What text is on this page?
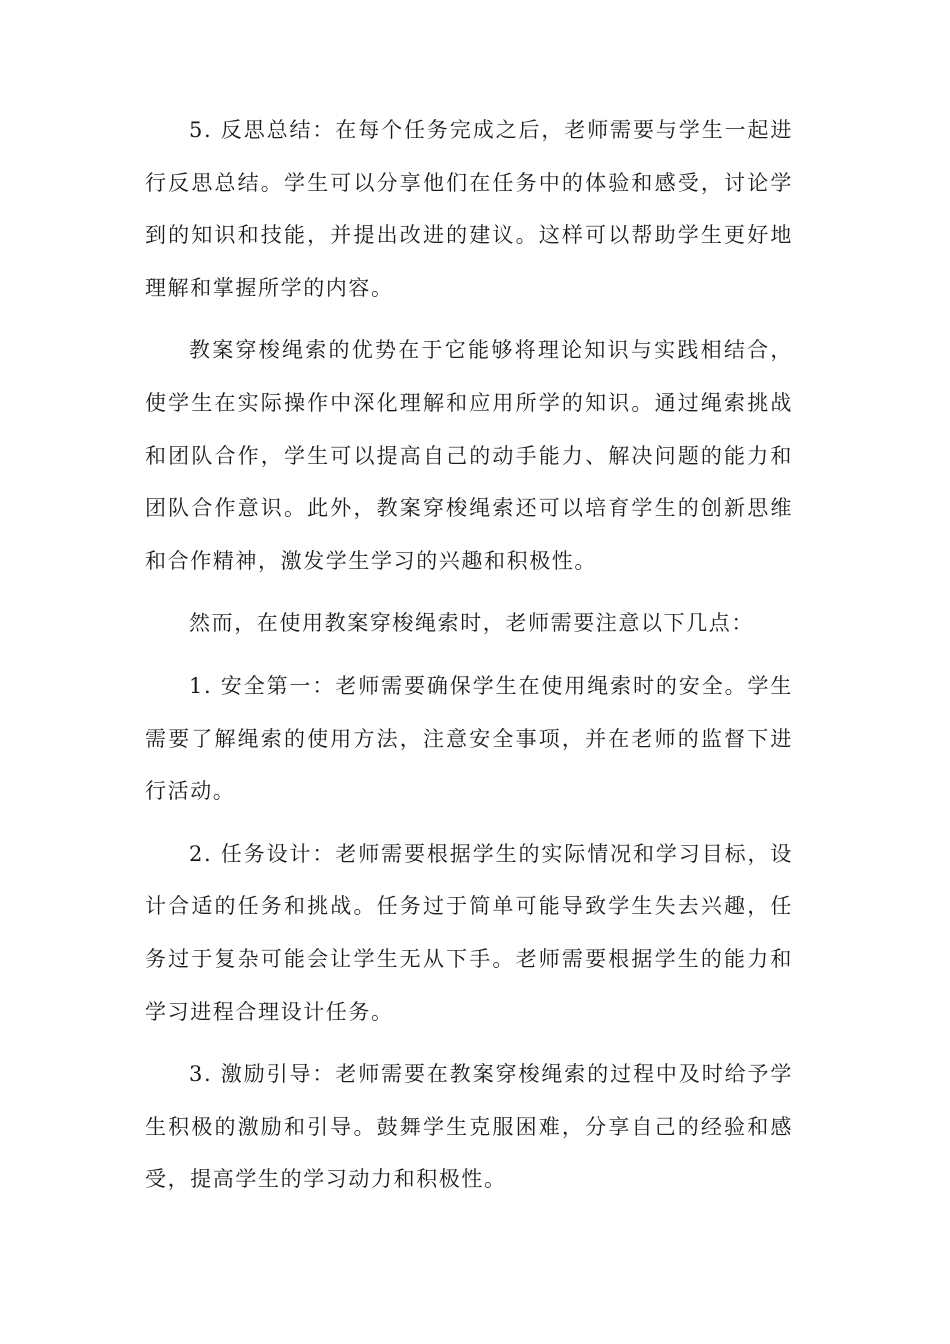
5. 反思总结：在每个任务完成之后，老师需要与学生一起进行反思总结。学生可以分享他们在任务中的体验和感受，讨论学到的知识和技能，并提出改进的建议。这样可以帮助学生更好地理解和掌握所学的内容。

教案穿梭绳索的优势在于它能够将理论知识与实践相结合，使学生在实际操作中深化理解和应用所学的知识。通过绳索挑战和团队合作，学生可以提高自己的动手能力、解决问题的能力和团队合作意识。此外，教案穿梭绳索还可以培育学生的创新思维和合作精神，激发学生学习的兴趣和积极性。

然而，在使用教案穿梭绳索时，老师需要注意以下几点：

1. 安全第一：老师需要确保学生在使用绳索时的安全。学生需要了解绳索的使用方法，注意安全事项，并在老师的监督下进行活动。

2. 任务设计：老师需要根据学生的实际情况和学习目标，设计合适的任务和挑战。任务过于简单可能导致学生失去兴趣，任务过于复杂可能会让学生无从下手。老师需要根据学生的能力和学习进程合理设计任务。

3. 激励引导：老师需要在教案穿梭绳索的过程中及时给予学生积极的激励和引导。鼓舞学生克服困难，分享自己的经验和感受，提高学生的学习动力和积极性。
